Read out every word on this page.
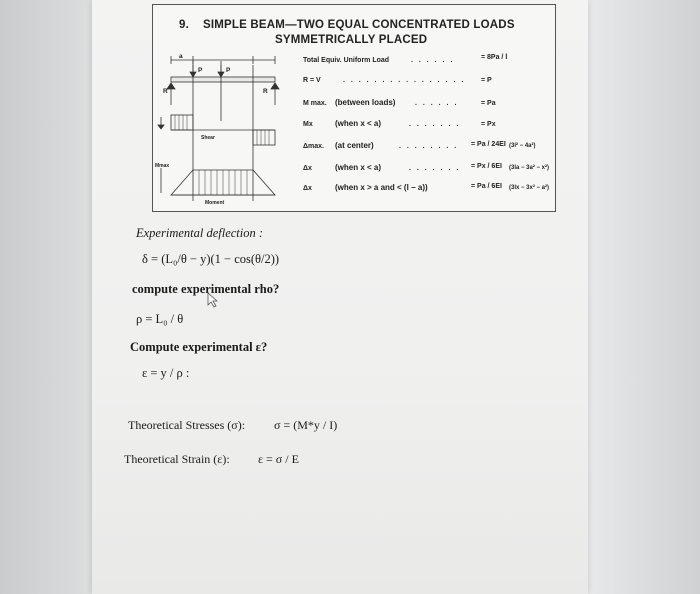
9. SIMPLE BEAM—TWO EQUAL CONCENTRATED LOADS
SYMMETRICALLY PLACED
P	P
R	R
a
Shear
Mmax
Moment
Total Equiv. Uniform Load	. . . . . .	= 8Pa / l
R = V	. . . . . . . . . . . . . . . . = P
M max. (between loads)	. . . . . .	= Pa
Mx	(when x < a)	. . . . . . .	= Px
Δmax. (at center)	. . . . . . . . = Pa / 24EI (3l² − 4a²)
Δx	(when x < a)	. . . . . . . = Px / 6EI (3la − 3a² − x²)
Δx	(when x > a and < (l − a))	= Pa / 6EI (3lx − 3x² − a²)
Experimental deflection :
δ = (L₀/θ − y)(1 − cos(θ/2))
compute experimental rho?
ρ = L₀ / θ
Compute experimental ε?
ε = y / ρ :
Theoretical Stresses (σ): σ = (M*y / I)
Theoretical Strain (ε): ε = σ / E
